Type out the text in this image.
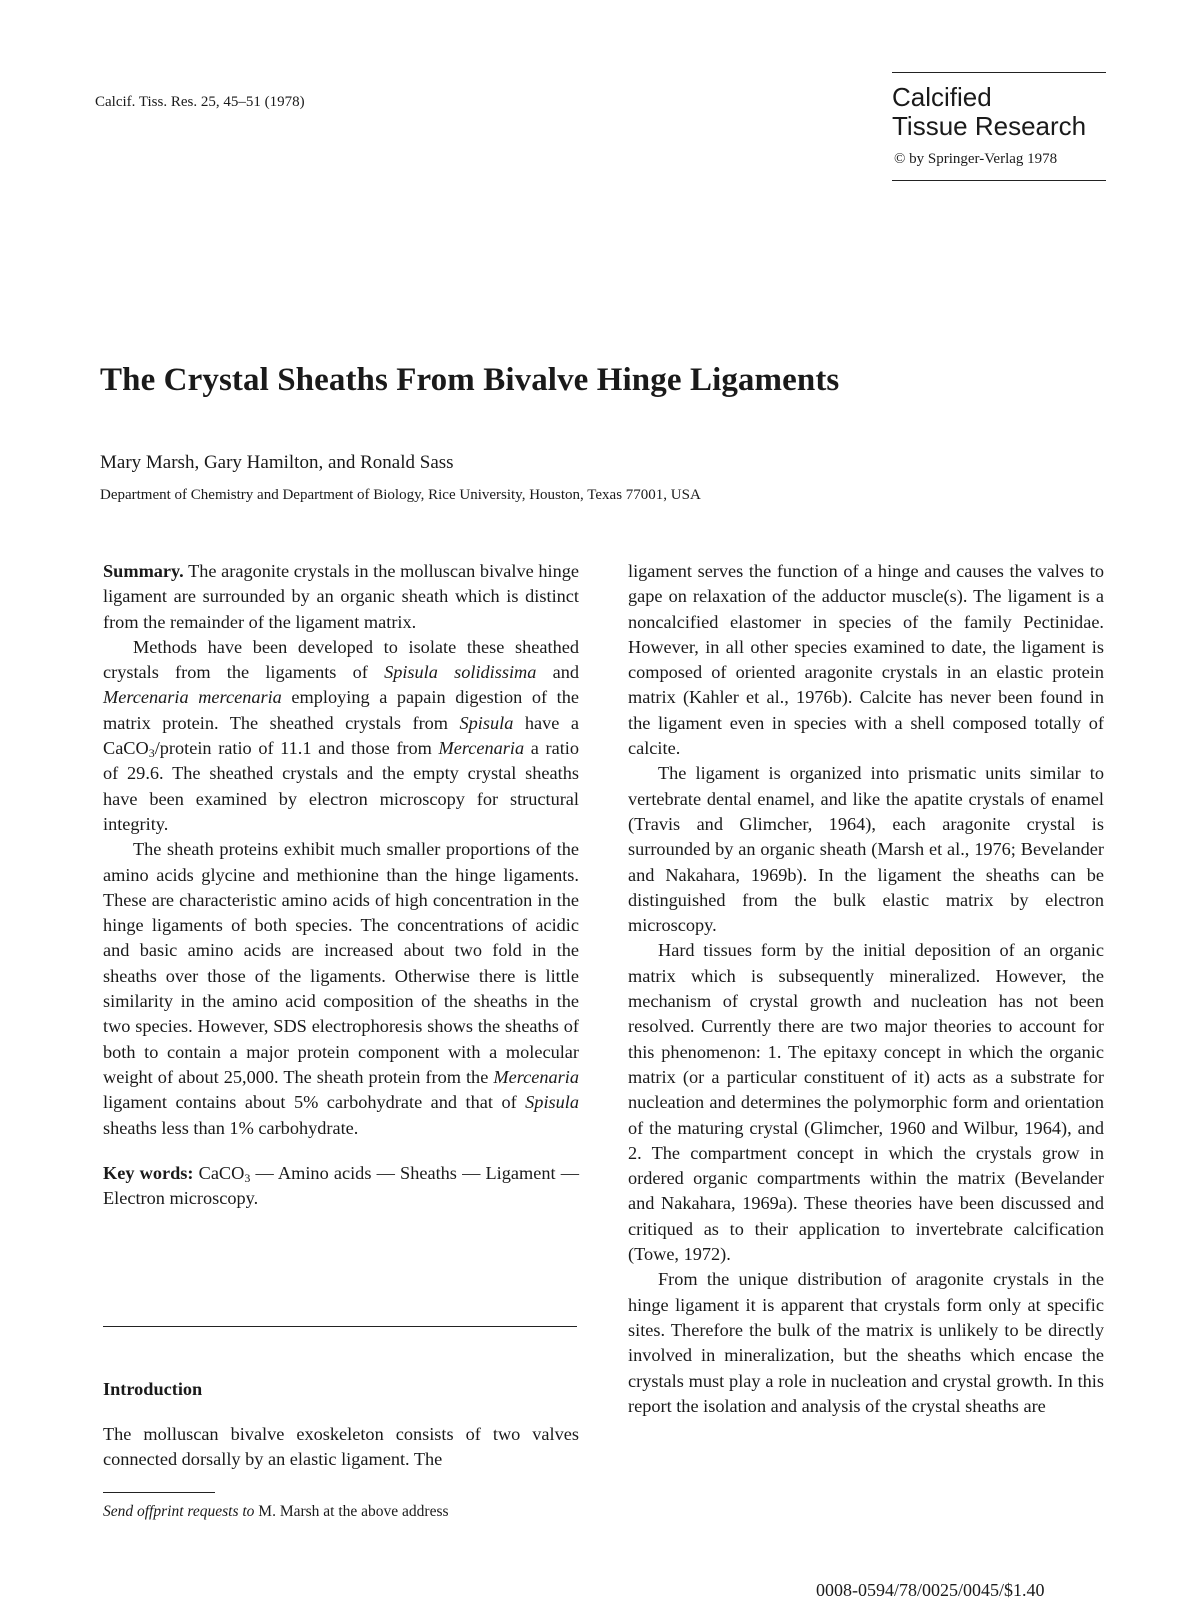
Calcif. Tiss. Res. 25, 45–51 (1978)	Calcified
Tissue Research
© by Springer-Verlag 1978
The Crystal Sheaths From Bivalve Hinge Ligaments
Mary Marsh, Gary Hamilton, and Ronald Sass
Department of Chemistry and Department of Biology, Rice University, Houston, Texas 77001, USA

Summary. The aragonite crystals in the molluscan bivalve hinge ligament are surrounded by an organic sheath which is distinct from the remainder of the ligament matrix.

Methods have been developed to isolate these sheathed crystals from the ligaments of Spisula solidissima and Mercenaria mercenaria employing a papain digestion of the matrix protein. The sheathed crystals from Spisula have a CaCO$_3$/protein ratio of 11.1 and those from Mercenaria a ratio of 29.6. The sheathed crystals and the empty crystal sheaths have been examined by electron microscopy for structural integrity.

The sheath proteins exhibit much smaller proportions of the amino acids glycine and methionine than the hinge ligaments. These are characteristic amino acids of high concentration in the hinge ligaments of both species. The concentrations of acidic and basic amino acids are increased about two fold in the sheaths over those of the ligaments. Otherwise there is little similarity in the amino acid composition of the sheaths in the two species. However, SDS electrophoresis shows the sheaths of both to contain a major protein component with a molecular weight of about 25,000. The sheath protein from the Mercenaria ligament contains about 5% carbohydrate and that of Spisula sheaths less than 1% carbohydrate.

Key words: CaCO$_3$ — Amino acids — Sheaths — Ligament — Electron microscopy.

Introduction

The molluscan bivalve exoskeleton consists of two valves connected dorsally by an elastic ligament. The

Send offprint requests to M. Marsh at the above address

ligament serves the function of a hinge and causes the valves to gape on relaxation of the adductor muscle(s). The ligament is a noncalcified elastomer in species of the family Pectinidae. However, in all other species examined to date, the ligament is composed of oriented aragonite crystals in an elastic protein matrix (Kahler et al., 1976b). Calcite has never been found in the ligament even in species with a shell composed totally of calcite.

The ligament is organized into prismatic units similar to vertebrate dental enamel, and like the apatite crystals of enamel (Travis and Glimcher, 1964), each aragonite crystal is surrounded by an organic sheath (Marsh et al., 1976; Bevelander and Nakahara, 1969b). In the ligament the sheaths can be distinguished from the bulk elastic matrix by electron microscopy.

Hard tissues form by the initial deposition of an organic matrix which is subsequently mineralized. However, the mechanism of crystal growth and nucleation has not been resolved. Currently there are two major theories to account for this phenomenon: 1. The epitaxy concept in which the organic matrix (or a particular constituent of it) acts as a substrate for nucleation and determines the polymorphic form and orientation of the maturing crystal (Glimcher, 1960 and Wilbur, 1964), and 2. The compartment concept in which the crystals grow in ordered organic compartments within the matrix (Bevelander and Nakahara, 1969a). These theories have been discussed and critiqued as to their application to invertebrate calcification (Towe, 1972).

From the unique distribution of aragonite crystals in the hinge ligament it is apparent that crystals form only at specific sites. Therefore the bulk of the matrix is unlikely to be directly involved in mineralization, but the sheaths which encase the crystals must play a role in nucleation and crystal growth. In this report the isolation and analysis of the crystal sheaths are

0008-0594/78/0025/0045/$1.40
